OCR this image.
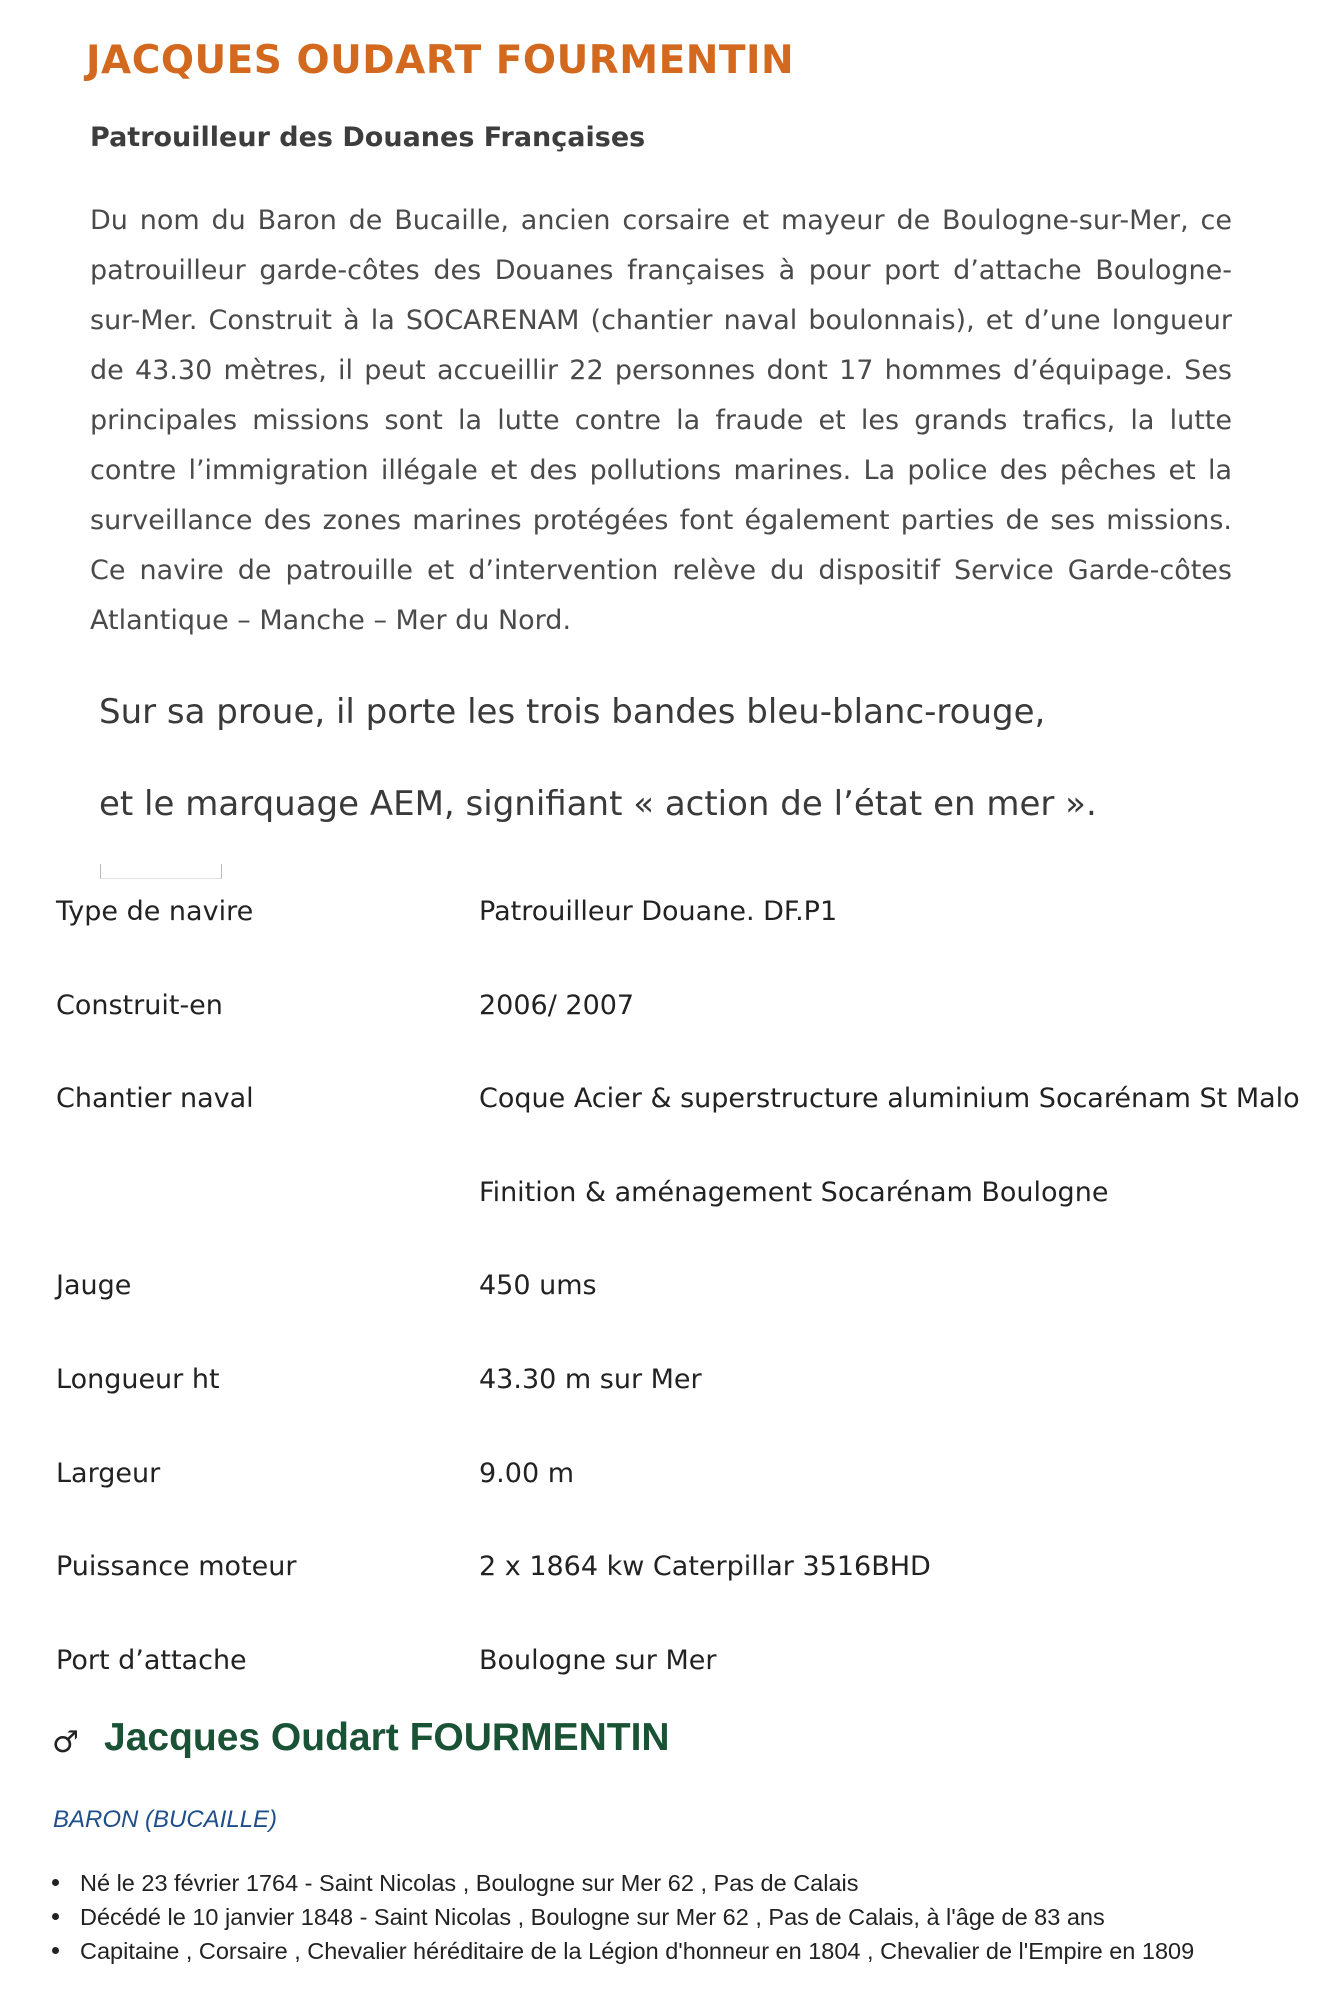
JACQUES OUDART FOURMENTIN
Patrouilleur des Douanes Françaises

Du nom du Baron de Bucaille, ancien corsaire et mayeur de Boulogne-sur-Mer, ce patrouilleur garde-côtes des Douanes françaises à pour port d’attache Boulogne-sur-Mer. Construit à la SOCARENAM (chantier naval boulonnais), et d’une longueur de 43.30 mètres, il peut accueillir 22 personnes dont 17 hommes d’équipage. Ses principales missions sont la lutte contre la fraude et les grands trafics, la lutte contre l’immigration illégale et des pollutions marines. La police des pêches et la surveillance des zones marines protégées font également parties de ses missions. Ce navire de patrouille et d’intervention relève du dispositif Service Garde-côtes Atlantique – Manche – Mer du Nord.

Sur sa proue, il porte les trois bandes bleu-blanc-rouge,

et le marquage AEM, signifiant « action de l’état en mer ».

Type de navire	Patrouilleur Douane. DF.P1
Construit-en	2006/ 2007
Chantier naval	Coque Acier & superstructure aluminium Socarénam St Malo
Finition & aménagement Socarénam Boulogne
Jauge	450 ums
Longueur ht	43.30 m sur Mer
Largeur	9.00 m
Puissance moteur	2 x 1864 kw Caterpillar 3516BHD
Port d’attache	Boulogne sur Mer
♂ Jacques Oudart FOURMENTIN

BARON (BUCAILLE)

Né le 23 février 1764 - Saint Nicolas , Boulogne sur Mer 62 , Pas de Calais
Décédé le 10 janvier 1848 - Saint Nicolas , Boulogne sur Mer 62 , Pas de Calais, à l'âge de 83 ans
Capitaine , Corsaire , Chevalier héréditaire de la Légion d'honneur en 1804 , Chevalier de l'Empire en 1809
